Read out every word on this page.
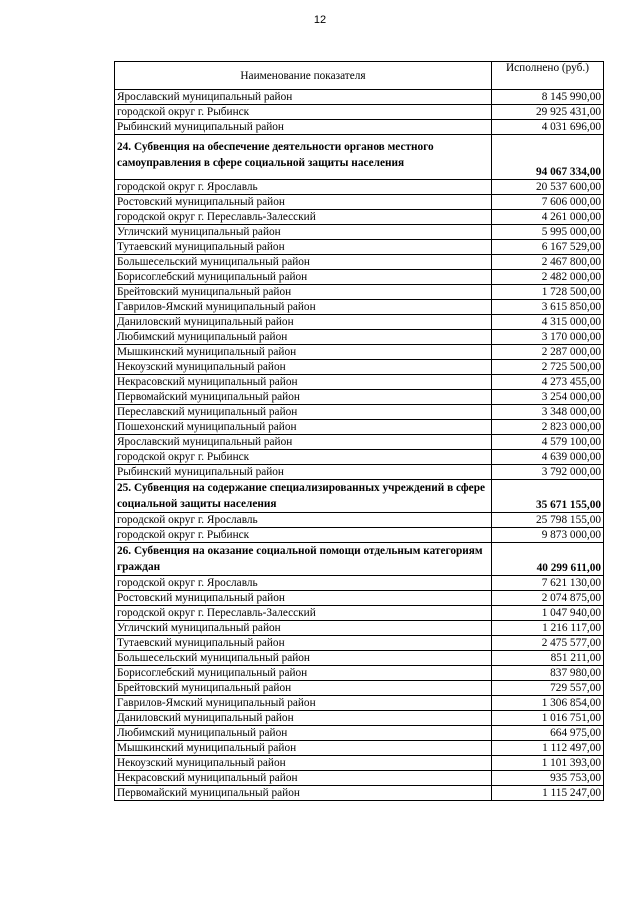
12
Наименование показателя	Исполнено (руб.)
Ярославский муниципальный район	8 145 990,00
городской округ г. Рыбинск	29 925 431,00
Рыбинский муниципальный район	4 031 696,00
24. Субвенция на обеспечение деятельности органов местного самоуправления в сфере социальной защиты населения	94 067 334,00
городской округ г. Ярославль	20 537 600,00
Ростовский муниципальный район	7 606 000,00
городской округ г. Переславль-Залесский	4 261 000,00
Угличский муниципальный район	5 995 000,00
Тутаевский муниципальный район	6 167 529,00
Большесельский муниципальный район	2 467 800,00
Борисоглебский муниципальный район	2 482 000,00
Брейтовский муниципальный район	1 728 500,00
Гаврилов-Ямский муниципальный район	3 615 850,00
Даниловский муниципальный район	4 315 000,00
Любимский муниципальный район	3 170 000,00
Мышкинский муниципальный район	2 287 000,00
Некоузский муниципальный район	2 725 500,00
Некрасовский муниципальный район	4 273 455,00
Первомайский муниципальный район	3 254 000,00
Переславский муниципальный район	3 348 000,00
Пошехонский муниципальный район	2 823 000,00
Ярославский муниципальный район	4 579 100,00
городской округ г. Рыбинск	4 639 000,00
Рыбинский муниципальный район	3 792 000,00
25. Субвенция на содержание специализированных учреждений в сфере социальной защиты населения	35 671 155,00
городской округ г. Ярославль	25 798 155,00
городской округ г. Рыбинск	9 873 000,00
26. Субвенция на оказание социальной помощи отдельным категориям граждан	40 299 611,00
городской округ г. Ярославль	7 621 130,00
Ростовский муниципальный район	2 074 875,00
городской округ г. Переславль-Залесский	1 047 940,00
Угличский муниципальный район	1 216 117,00
Тутаевский муниципальный район	2 475 577,00
Большесельский муниципальный район	851 211,00
Борисоглебский муниципальный район	837 980,00
Брейтовский муниципальный район	729 557,00
Гаврилов-Ямский муниципальный район	1 306 854,00
Даниловский муниципальный район	1 016 751,00
Любимский муниципальный район	664 975,00
Мышкинский муниципальный район	1 112 497,00
Некоузский муниципальный район	1 101 393,00
Некрасовский муниципальный район	935 753,00
Первомайский муниципальный район	1 115 247,00
